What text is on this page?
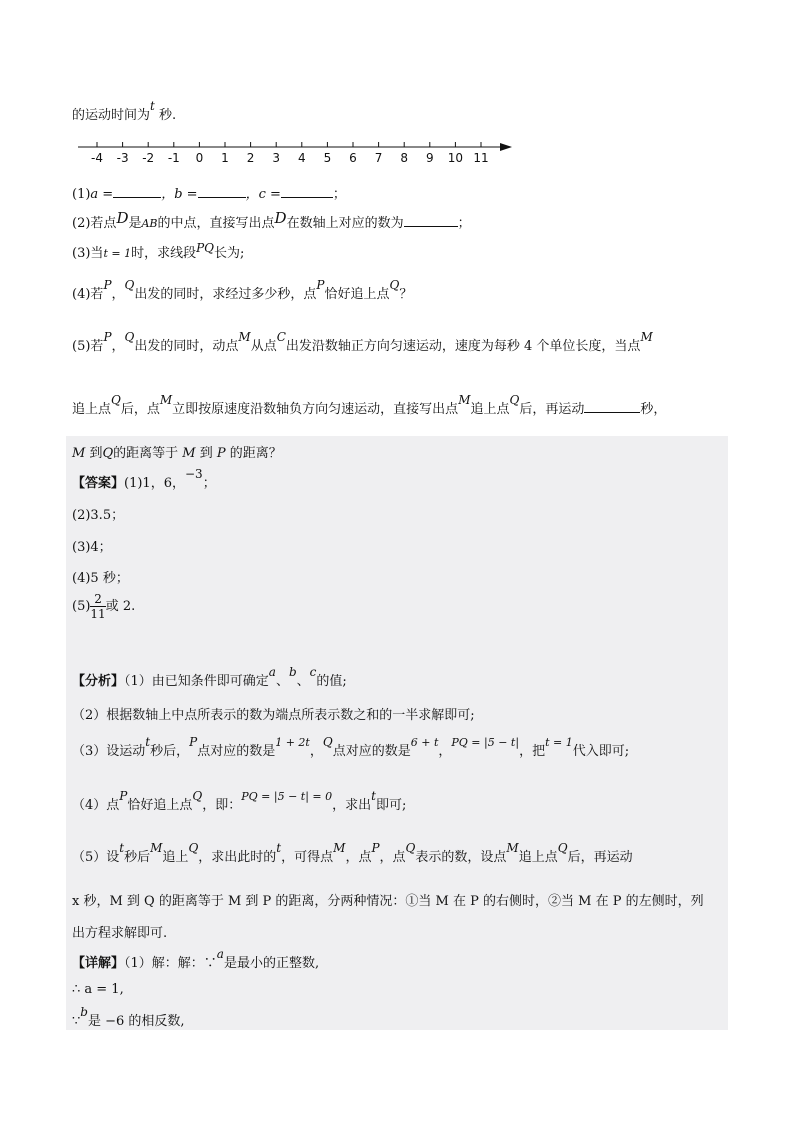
的运动时间为t 秒.
-4 -3 -2 -1 0 1 2 3 4 5 6 7 8 9 10 11
(1)a =	，b =	，c =	；
(2)若点D是AB的中点，直接写出点D在数轴上对应的数为	；
(3)当t = 1时，求线段PQ长为;
(4)若P，Q出发的同时，求经过多少秒，点P恰好追上点Q？
(5)若P，Q出发的同时，动点M从点C出发沿数轴正方向匀速运动，速度为每秒 4 个单位长度，当点M
追上点Q后，点M立即按原速度沿数轴负方向匀速运动，直接写出点M追上点Q后，再运动	秒，
M 到Q的距离等于 M 到 P 的距离？
【答案】(1)1，6，−3；
(2)3.5；
(3)4；
(4)5 秒；
$(5) \frac{2}{11}$ 或 2.
【分析】（1）由已知条件即可确定a、b、c的值;
（2）根据数轴上中点所表示的数为端点所表示数之和的一半求解即可;
（3）设运动t秒后，P点对应的数是$^{1 + 2t}$，Q点对应的数是$^{6 + t}$，$^{PQ = |5 - t|}$，把$^{t = 1}$代入即可;
（4）点P恰好追上点Q，即：$^{PQ = |5 - t| = 0}$，求出t即可;
（5）设t秒后M追上Q，求出此时的t，可得点M，点P，点Q表示的数，设点M追上点Q后，再运动
x 秒，M 到 Q 的距离等于 M 到 P 的距离，分两种情况：①当 M 在 P 的右侧时，②当 M 在 P 的左侧时，列
出方程求解即可.
【详解】（1）解：解：∵a是最小的正整数,
∴ a = 1,
∵b是 −6 的相反数,
